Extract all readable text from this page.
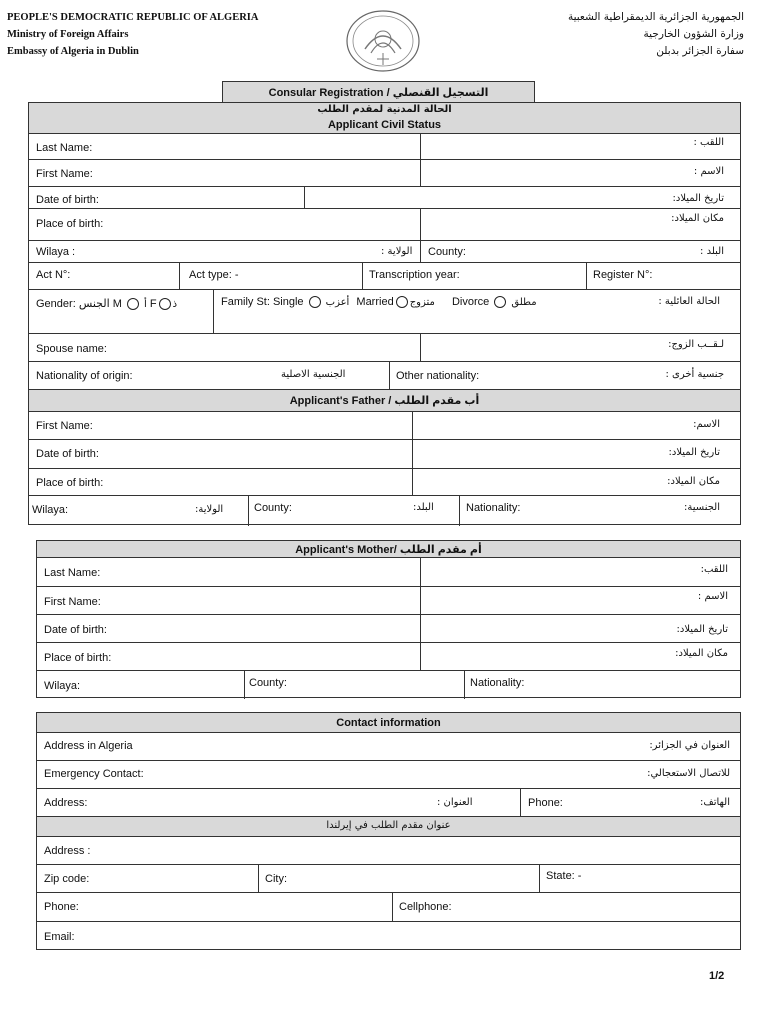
PEOPLE'S DEMOCRATIC REPUBLIC OF ALGERIA
Ministry of Foreign Affairs
Embassy of Algeria in Dublin
الجمهورية الجزائرية الديمقراطية الشعبية
وزارة الشؤون الخارجية
سفارة الجزائر بدبلن
Consular Registration / التسجيل القنصلي
الحالة المدنية لمقدم الطلب
Applicant Civil Status
Last Name:	اللقب :
First Name:	الاسم :
Date of birth:	تاريخ الميلاد:
Place of birth:	مكان الميلاد:
Wilaya :	الولاية : County:	البلد :
Act N°:	Act type: -	Transcription year:	Register N°:
Gender: الجنس M أ F ذ	Family St: Single أعزب Married متزوج Divorce مطلق	الحالة العائلية :
Spouse name:	لـقــب الزوج:
Nationality of origin:	الجنسية الاصلية	Other nationality:	جنسية أخرى :
Applicant's Father / أب مقدم الطلب
First Name:	الاسم:
Date of birth:	تاريخ الميلاد:
Place of birth:	مكان الميلاد:
Wilaya:	الولاية:	County:	البلد:	Nationality:	الجنسية:
Applicant's Mother/ أم مقدم الطلب
Last Name:	اللقب:
First Name:	الاسم :
Date of birth:	تاريخ الميلاد:
Place of birth:	مكان الميلاد:
Wilaya:	County:	Nationality:
Contact information
Address in Algeria	العنوان في الجزائر:
Emergency Contact:	للاتصال الاستعجالي:
Address:	العنوان :	Phone:	الهاتف:
عنوان مقدم الطلب في إيرلندا
Address :
Zip code:	City:	State: -
Phone:	Cellphone:
Email:
1/2
